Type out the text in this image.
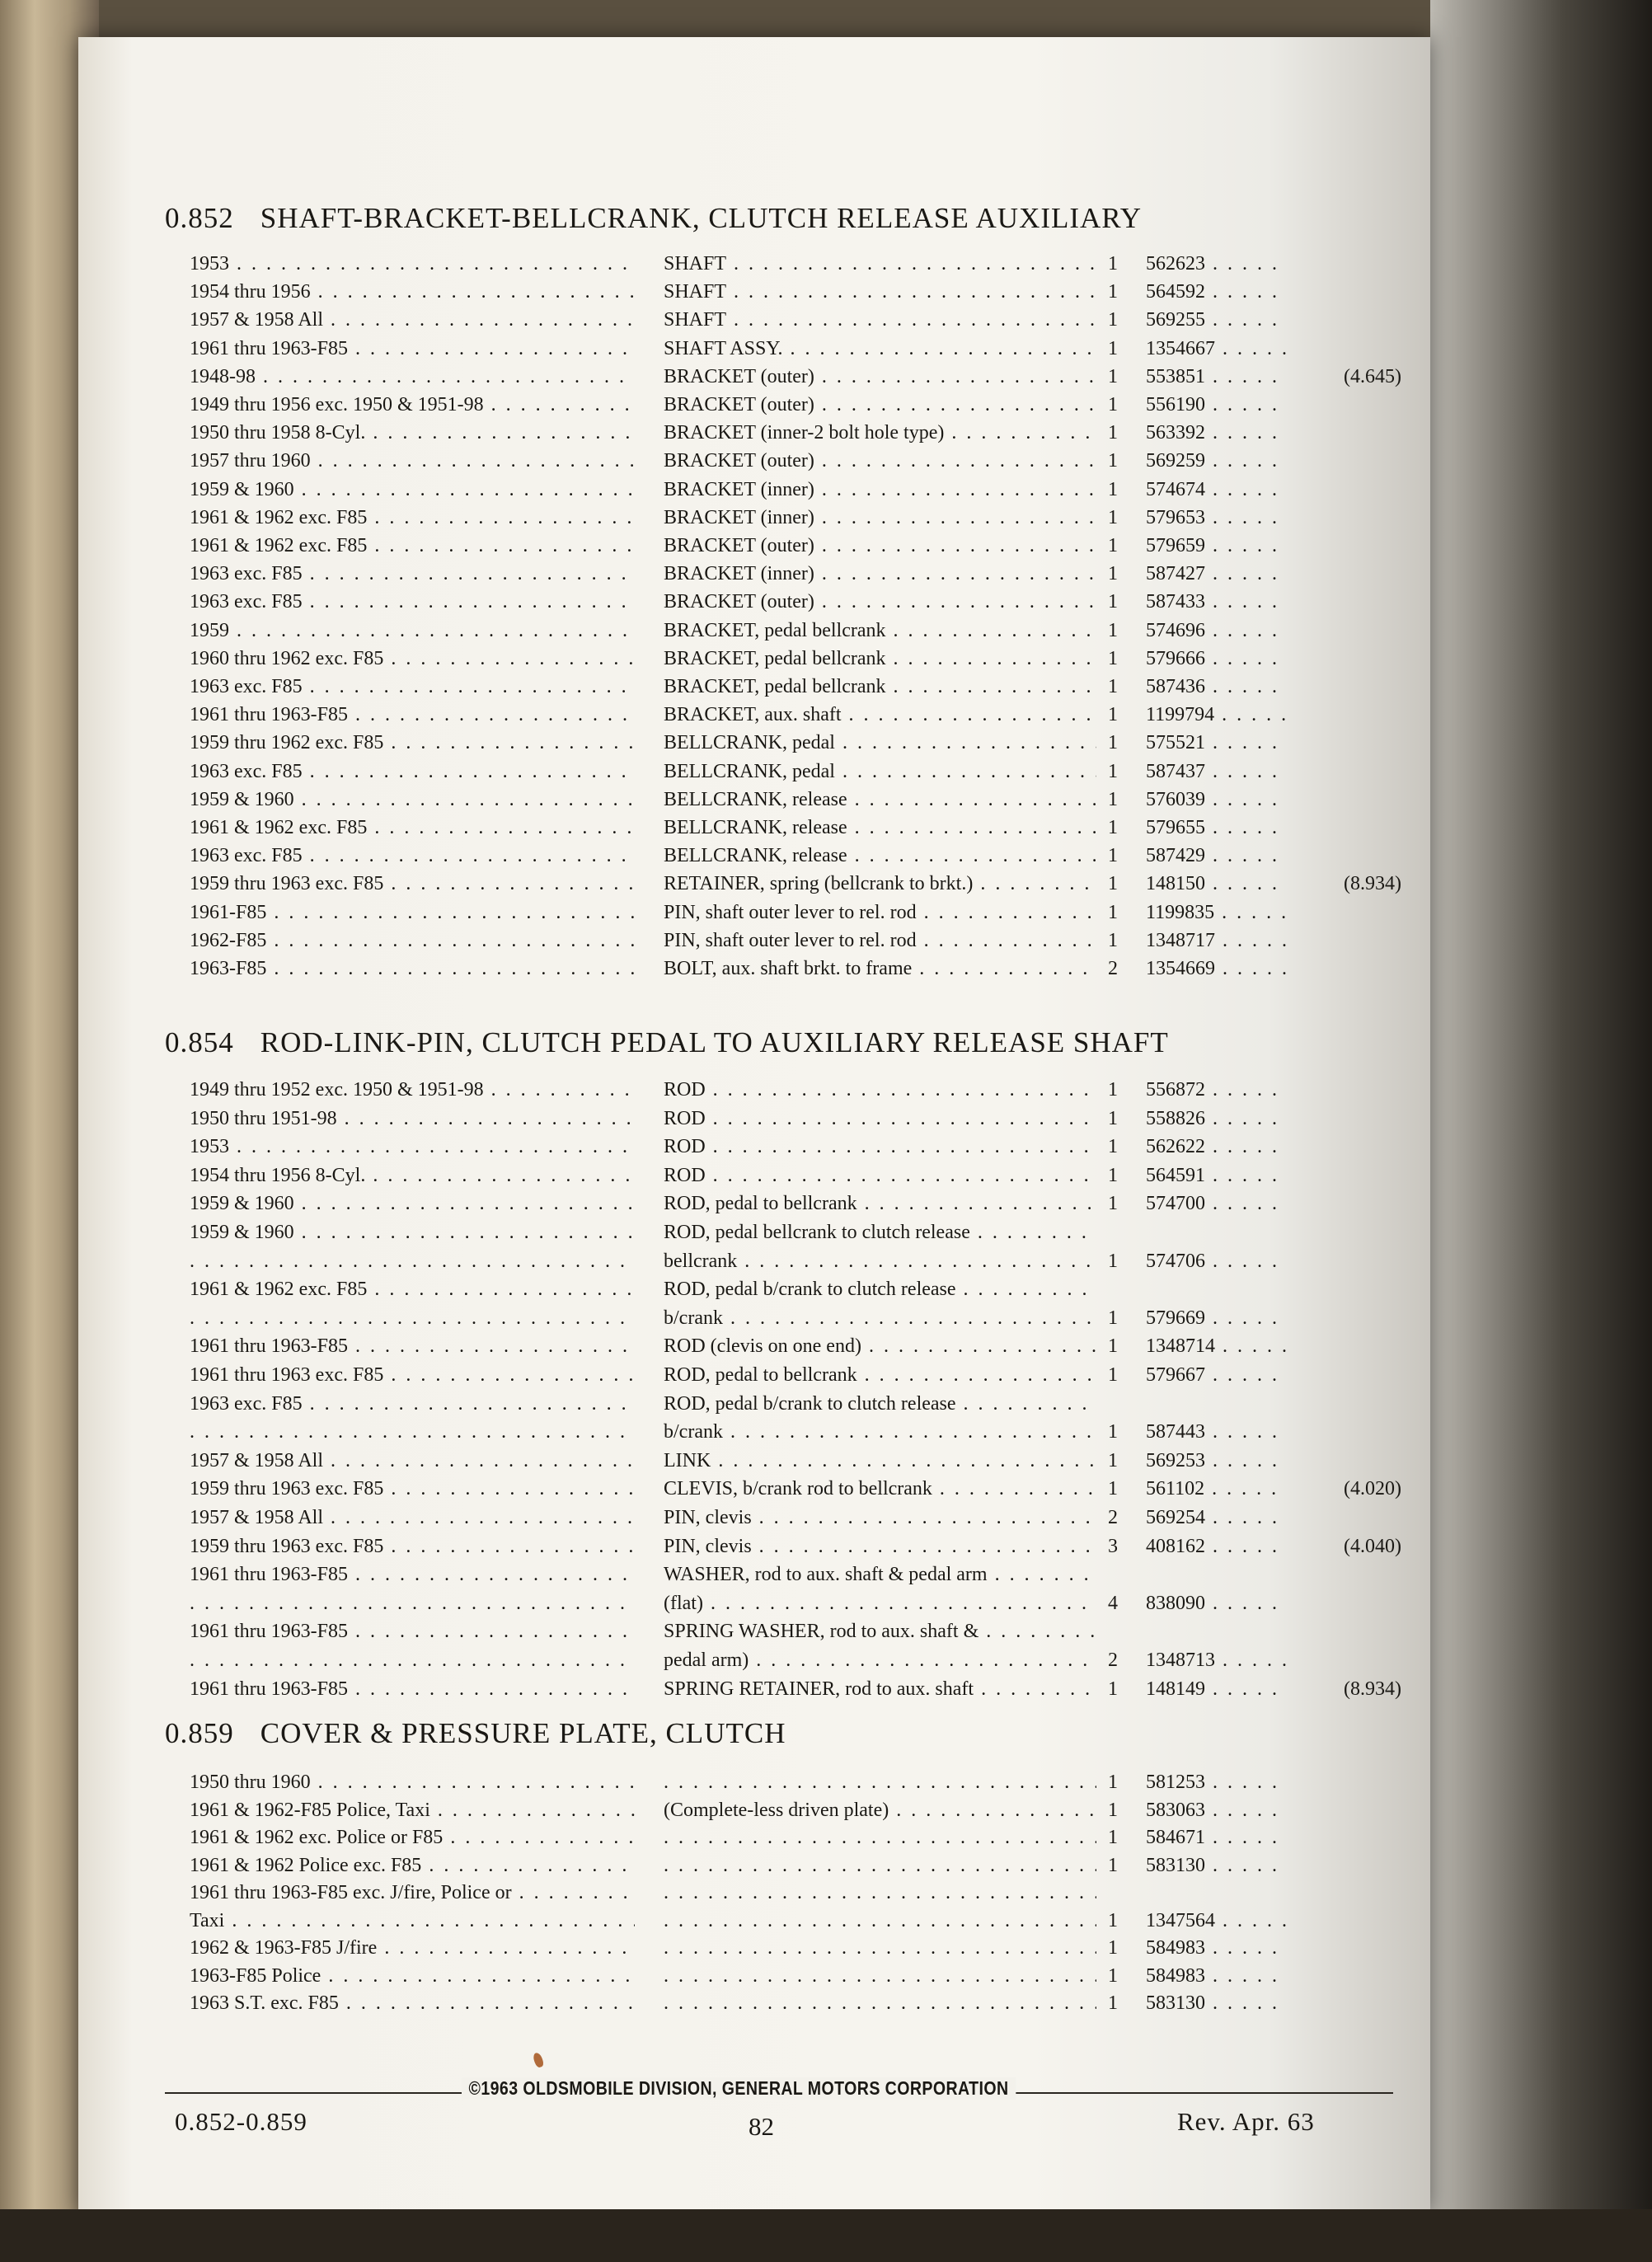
0.852 SHAFT-BRACKET-BELLCRANK, CLUTCH RELEASE AUXILIARY
1953 . . .	SHAFT . . .	1	562623 . . .
1954 thru 1956 . . .	SHAFT . . .	1	564592 . . .
1957 & 1958 All . . .	SHAFT . . .	1	569255 . . .
1961 thru 1963-F85 . . .	SHAFT ASSY. . . .	1	1354667 . . .
1948-98 . . .	BRACKET (outer) . . .	1	553851 . . .	(4.645)
1949 thru 1956 exc. 1950 & 1951-98 . . .	BRACKET (outer) . . .	1	556190 . . .
1950 thru 1958 8-Cyl. . . .	BRACKET (inner-2 bolt hole type) . . .	1	563392 . . .
1957 thru 1960 . . .	BRACKET (outer) . . .	1	569259 . . .
1959 & 1960 . . .	BRACKET (inner) . . .	1	574674 . . .
1961 & 1962 exc. F85 . . .	BRACKET (inner) . . .	1	579653 . . .
1961 & 1962 exc. F85 . . .	BRACKET (outer) . . .	1	579659 . . .
1963 exc. F85 . . .	BRACKET (inner) . . .	1	587427 . . .
1963 exc. F85 . . .	BRACKET (outer) . . .	1	587433 . . .
1959 . . .	BRACKET, pedal bellcrank . . .	1	574696 . . .
1960 thru 1962 exc. F85 . . .	BRACKET, pedal bellcrank . . .	1	579666 . . .
1963 exc. F85 . . .	BRACKET, pedal bellcrank . . .	1	587436 . . .
1961 thru 1963-F85 . . .	BRACKET, aux. shaft . . .	1	1199794 . . .
1959 thru 1962 exc. F85 . . .	BELLCRANK, pedal . . .	1	575521 . . .
1963 exc. F85 . . .	BELLCRANK, pedal . . .	1	587437 . . .
1959 & 1960 . . .	BELLCRANK, release . . .	1	576039 . . .
1961 & 1962 exc. F85 . . .	BELLCRANK, release . . .	1	579655 . . .
1963 exc. F85 . . .	BELLCRANK, release . . .	1	587429 . . .
1959 thru 1963 exc. F85 . . .	RETAINER, spring (bellcrank to brkt.) . . .	1	148150 . . .	(8.934)
1961-F85 . . .	PIN, shaft outer lever to rel. rod . . .	1	1199835 . . .
1962-F85 . . .	PIN, shaft outer lever to rel. rod . . .	1	1348717 . . .
1963-F85 . . .	BOLT, aux. shaft brkt. to frame . . .	2	1354669 . . .
0.854 ROD-LINK-PIN, CLUTCH PEDAL TO AUXILIARY RELEASE SHAFT
1949 thru 1952 exc. 1950 & 1951-98 . . .	ROD . . .	1	556872 . . .
1950 thru 1951-98 . . .	ROD . . .	1	558826 . . .
1953 . . .	ROD . . .	1	562622 . . .
1954 thru 1956 8-Cyl. . . .	ROD . . .	1	564591 . . .
1959 & 1960 . . .	ROD, pedal to bellcrank . . .	1	574700 . . .
1959 & 1960 . . .	ROD, pedal bellcrank to clutch release . . .
. . .
bellcrank . . .	1	574706 . . .
1961 & 1962 exc. F85 . . .	ROD, pedal b/crank to clutch release . . .
. . .
b/crank . . .	1	579669 . . .
1961 thru 1963-F85 . . .	ROD (clevis on one end) . . .	1	1348714 . . .
1961 thru 1963 exc. F85 . . .	ROD, pedal to bellcrank . . .	1	579667 . . .
1963 exc. F85 . . .	ROD, pedal b/crank to clutch release . . .
. . .
b/crank . . .	1	587443 . . .
1957 & 1958 All . . .	LINK . . .	1	569253 . . .
1959 thru 1963 exc. F85 . . .	CLEVIS, b/crank rod to bellcrank . . .	1	561102 . . .	(4.020)
1957 & 1958 All . . .	PIN, clevis . . .	2	569254 . . .
1959 thru 1963 exc. F85 . . .	PIN, clevis . . .	3	408162 . . .	(4.040)
1961 thru 1963-F85 . . .	WASHER, rod to aux. shaft & pedal arm . . .
. . .
(flat) . . .	4	838090 . . .
1961 thru 1963-F85 . . .	SPRING WASHER, rod to aux. shaft & . . .
. . .
pedal arm) . . .	2	1348713 . . .
1961 thru 1963-F85 . . .	SPRING RETAINER, rod to aux. shaft . . .	1	148149 . . .	(8.934)
0.859 COVER & PRESSURE PLATE, CLUTCH
1950 thru 1960 . . . . . .	1	581253 . . .
1961 & 1962-F85 Police, Taxi . . .	(Complete-less driven plate) . . .	1	583063 . . .
1961 & 1962 exc. Police or F85 . . . . . .	1	584671 . . .
1961 & 1962 Police exc. F85 . . . . . .	1	583130 . . .
1961 thru 1963-F85 exc. J/fire, Police or . . .
. . .
Taxi . . . . . .	1	1347564 . . .
1962 & 1963-F85 J/fire . . . . . .	1	584983 . . .
1963-F85 Police . . . . . .	1	584983 . . .
1963 S.T. exc. F85 . . . . . .	1	583130 . . .
©1963 OLDSMOBILE DIVISION, GENERAL MOTORS CORPORATION
0.852-0.859	82	Rev. Apr. 63
